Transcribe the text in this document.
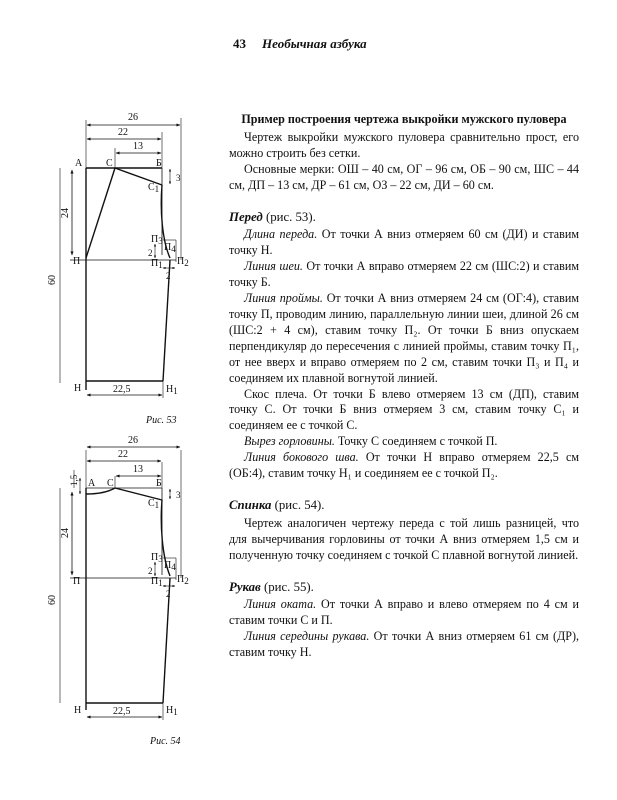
43 Необычная азбука
26
22
13
60
24
22,5
3
2
2
А С	Б
С1
П
П3
П1
П4
П2
Н	Н1
Рис. 53
26
22
13
60
24
1,5
22,5
3
2
2
А С	Б
С1
П
П3
П1
П4
П2
Н	Н1
Рис. 54

Пример построения чертежа выкройки мужского пуловера

Чертеж выкройки мужского пуловера сравнительно прост, его можно строить без сетки.

Основные мерки: ОШ – 40 см, ОГ – 96 см, ОБ – 90 см, ШС – 44 см, ДП – 13 см, ДР – 61 см, ОЗ – 22 см, ДИ – 60 см.

Перед (рис. 53).

Длина переда. От точки А вниз отмеряем 60 см (ДИ) и ставим точку Н.

Линия шеи. От точки А вправо отмеряем 22 см (ШС:2) и ставим точку Б.

Линия проймы. От точки А вниз отмеряем 24 см (ОГ:4), ставим точку П, проводим линию, параллельную линии шеи, длиной 26 см (ШС:2 + 4 см), ставим точку П₂. От точки Б вниз опускаем перпендикуляр до пересечения с линией проймы, ставим точку П₁, от нее вверх и вправо отмеряем по 2 см, ставим точки П₃ и П₄ и соединяем их плавной вогнутой линией.

Скос плеча. От точки Б влево отмеряем 13 см (ДП), ставим точку С. От точки Б вниз отмеряем 3 см, ставим точку С₁ и соединяем ее с точкой С.

Вырез горловины. Точку С соединяем с точкой П.

Линия бокового шва. От точки Н вправо отмеряем 22,5 см (ОБ:4), ставим точку Н₁ и соединяем ее с точкой П₂.

Спинка (рис. 54).

Чертеж аналогичен чертежу переда с той лишь разницей, что для вычерчивания горловины от точки А вниз отмеряем 1,5 см и полученную точку соединяем с точкой С плавной вогнутой линией.

Рукав (рис. 55).

Линия оката. От точки А вправо и влево отмеряем по 4 см и ставим точки С и П.

Линия середины рукава. От точки А вниз отмеряем 61 см (ДР), ставим точку Н.
